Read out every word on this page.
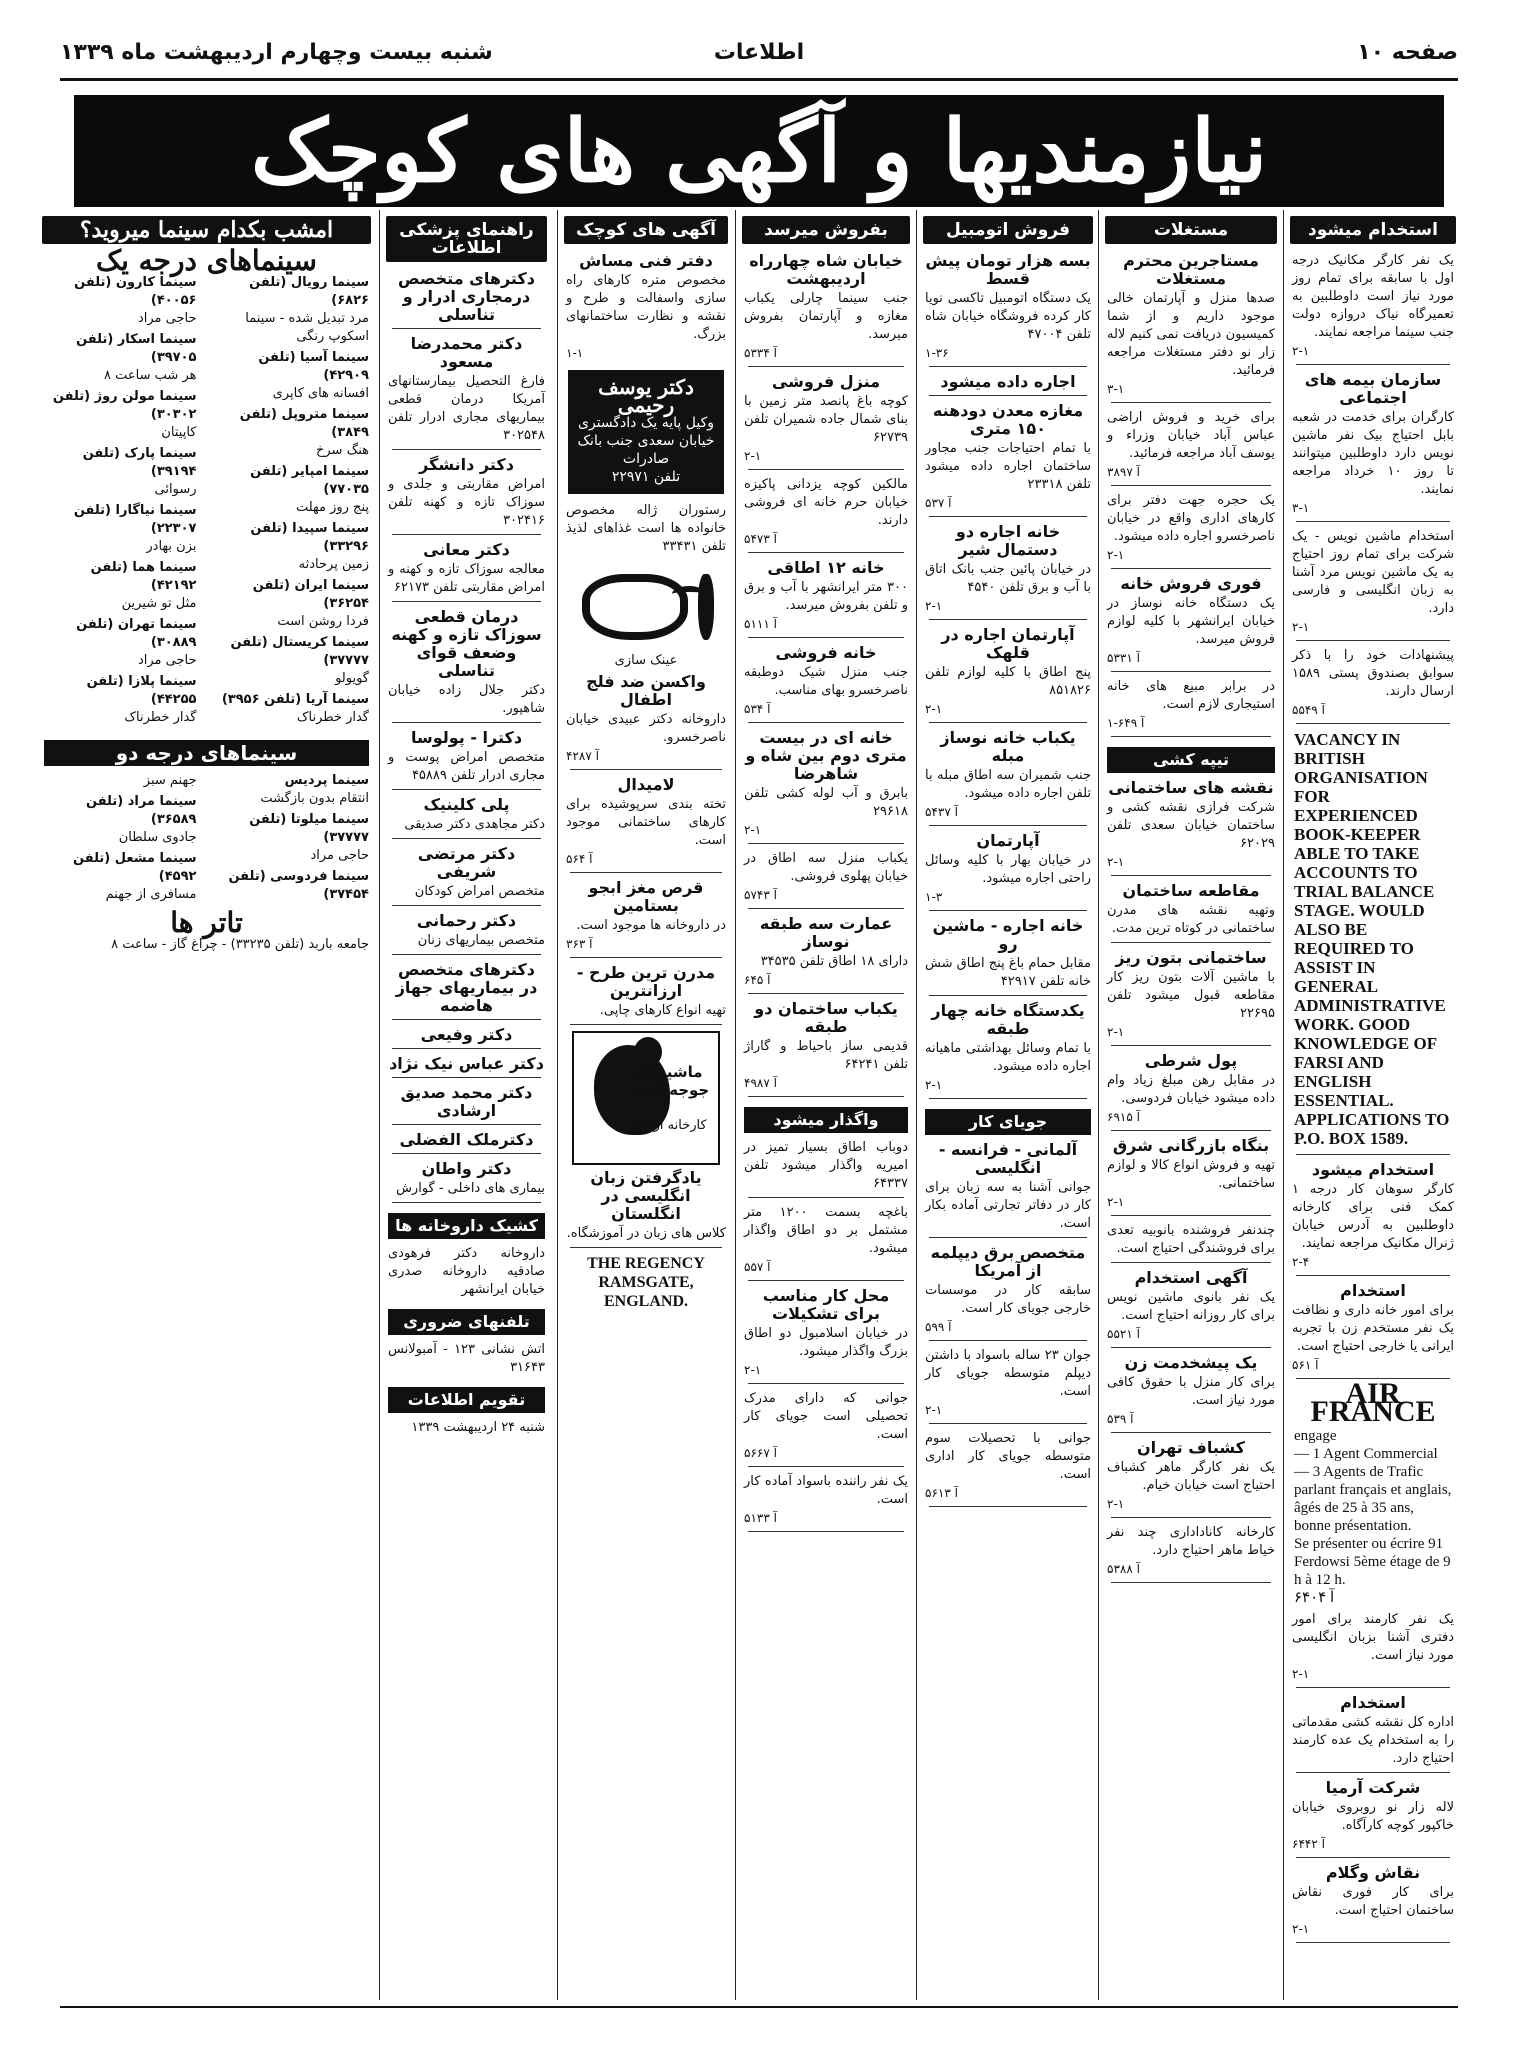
صفحه ۱۰
اطلاعات
شنبه بیست وچهارم اردیبهشت ماه ۱۳۳۹
نیازمندیها و آگهی های کوچک
استخدام میشود
یک نفر کارگر مکانیک درجه اول با سابقه برای تمام روز مورد نیاز است داوطلبین به تعمیرگاه نیاک دروازه دولت جنب سینما مراجعه نمایند.
۲-۱
سازمان بیمه های اجتماعی
کارگران برای خدمت در شعبه بابل احتیاج بیک نفر ماشین نویس دارد داوطلبین میتوانند تا روز ۱۰ خرداد مراجعه نمایند.
۳-۱
استخدام ماشین نویس - یک شرکت برای تمام روز احتیاج به یک ماشین نویس مرد آشنا به زبان انگلیسی و فارسی دارد.
۲-۱
پیشنهادات خود را با ذکر سوابق بصندوق پستی ۱۵۸۹ ارسال دارند.
آ ۵۵۴۹
VACANCY IN BRITISH ORGANISATION FOR EXPERIENCED BOOK-KEEPER ABLE TO TAKE ACCOUNTS TO TRIAL BALANCE STAGE. WOULD ALSO BE REQUIRED TO ASSIST IN GENERAL ADMINISTRATIVE WORK. GOOD KNOWLEDGE OF FARSI AND ENGLISH ESSENTIAL. APPLICATIONS TO P.O. BOX 1589.
استخدام میشود
کارگر سوهان کار درجه ۱ کمک فنی برای کارخانه داوطلبین به آدرس خیابان ژنرال مکانیک مراجعه نمایند.
۲-۴
استخدام
برای امور خانه داری و نظافت یک نفر مستخدم زن با تجربه ایرانی یا خارجی احتیاج است.
آ ۵۶۱
AIR FRANCE
engage
— 1 Agent Commercial
— 3 Agents de Trafic
parlant français et anglais, âgés de 25 à 35 ans, bonne présentation.
Se présenter ou écrire 91 Ferdowsi 5ème étage de 9 h à 12 h.
آ ۶۴۰۴
یک نفر کارمند برای امور دفتری آشنا بزبان انگلیسی مورد نیاز است.
۲-۱
استخدام
اداره کل نقشه کشی مقدماتی را به استخدام یک عده کارمند احتیاج دارد.
شرکت آرمیا
لاله زار نو روبروی خیابان خاکپور کوچه کارآگاه.
آ ۶۴۴۲
نقاش وگلام
برای کار فوری نقاش ساختمان احتیاج است.
۲-۱
مستغلات
مستاجرین محترم مستغلات
صدها منزل و آپارتمان خالی موجود داریم و از شما کمیسیون دریافت نمی کنیم لاله زار نو دفتر مستغلات مراجعه فرمائید.
۳-۱
برای خرید و فروش اراضی عباس آباد خیابان وزراء و یوسف آباد مراجعه فرمائید.
آ ۳۸۹۷
یک حجره جهت دفتر برای کارهای اداری واقع در خیابان ناصرخسرو اجاره داده میشود.
۲-۱
فوری فروش خانه
یک دستگاه خانه نوساز در خیابان ایرانشهر با کلیه لوازم فروش میرسد.
آ ۵۳۳۱
در برابر مبیع های خانه استیجاری لازم است.
آ ۶۴۹-۱
تیپه کشی
نقشه های ساختمانی
شرکت فرازی نقشه کشی و ساختمان خیابان سعدی تلفن ۶۲۰۲۹
۲-۱
مقاطعه ساختمان
وتهیه نقشه های مدرن ساختمانی در کوتاه ترین مدت.
ساختمانی بتون ریز
با ماشین آلات بتون ریز کار مقاطعه قبول میشود تلفن ۲۲۶۹۵
۲-۱
پول شرطی
در مقابل رهن مبلغ زیاد وام داده میشود خیابان فردوسی.
آ ۶۹۱۵
بنگاه بازرگانی شرق
تهیه و فروش انواع کالا و لوازم ساختمانی.
۲-۱
چندنفر فروشنده بانوبیه تعدی برای فروشندگی احتیاج است.
آگهی استخدام
یک نفر بانوی ماشین نویس برای کار روزانه احتیاج است.
آ ۵۵۲۱
یک پیشخدمت زن
برای کار منزل با حقوق کافی مورد نیاز است.
آ ۵۳۹
کشباف تهران
یک نفر کارگر ماهر کشباف احتیاج است خیابان خیام.
۲-۱
کارخانه کاناداداری چند نفر خیاط ماهر احتیاج دارد.
آ ۵۳۸۸
فروش اتومبیل
بسه هزار تومان پیش قسط
یک دستگاه اتومبیل تاکسی نویا کار کرده فروشگاه خیابان شاه تلفن ۴۷۰۰۴
۱-۳۶
اجاره داده میشود
مغازه معدن دودهنه ۱۵۰ متری
با تمام احتیاجات جنب مجاور ساختمان اجاره داده میشود تلفن ۲۳۳۱۸
آ ۵۳۷
خانه اجاره دو دستمال شیر
در خیابان پائین جنب بانک اتاق با آب و برق تلفن ۴۵۴۰
۲-۱
آپارتمان اجاره در قلهک
پنج اطاق با کلیه لوازم تلفن ۸۵۱۸۲۶
۲-۱
یکباب خانه نوساز مبله
جنب شمیران سه اطاق مبله با تلفن اجاره داده میشود.
آ ۵۴۳۷
آپارتمان
در خیابان بهار با کلیه وسائل راحتی اجاره میشود.
۱-۳
خانه اجاره - ماشین رو
مقابل حمام باغ پنج اطاق شش خانه تلفن ۴۲۹۱۷
یکدستگاه خانه چهار طبقه
با تمام وسائل بهداشتی ماهیانه اجاره داده میشود.
۲-۱
جویای کار
آلمانی - فرانسه - انگلیسی
جوانی آشنا به سه زبان برای کار در دفاتر تجارتی آماده بکار است.
متخصص برق دیپلمه از آمریکا
سابقه کار در موسسات خارجی جویای کار است.
آ ۵۹۹
جوان ۲۳ ساله باسواد با داشتن دیپلم متوسطه جویای کار است.
۲-۱
جوانی با تحصیلات سوم متوسطه جویای کار اداری است.
آ ۵۶۱۳
بفروش میرسد
خیابان شاه چهارراه اردیبهشت
جنب سینما چارلی یکباب مغازه و آپارتمان بفروش میرسد.
آ ۵۳۳۴
منزل فروشی
کوچه باغ پانصد متر زمین با بنای شمال جاده شمیران تلفن ۶۲۷۳۹
۲-۱
مالکین کوچه یزدانی پاکیزه خیابان حرم خانه ای فروشی دارند.
آ ۵۴۷۳
خانه ۱۲ اطاقی
۳۰۰ متر ایرانشهر با آب و برق و تلفن بفروش میرسد.
آ ۵۱۱۱
خانه فروشی
جنب منزل شیک دوطبقه ناصرخسرو بهای مناسب.
آ ۵۳۴
خانه ای در بیست متری دوم بین شاه و شاهرضا
بابرق و آب لوله کشی تلفن ۲۹۶۱۸
۲-۱
یکباب منزل سه اطاق در خیابان پهلوی فروشی.
آ ۵۷۴۳
عمارت سه طبقه نوساز
دارای ۱۸ اطاق تلفن ۳۴۵۳۵
آ ۶۴۵
یکباب ساختمان دو طبقه
قدیمی ساز باحیاط و گاراژ تلفن ۶۴۲۴۱
آ ۴۹۸۷
واگذار میشود
دوباب اطاق بسیار تمیز در امیریه واگذار میشود تلفن ۶۴۳۳۷
باغچه بسمت ۱۲۰۰ متر مشتمل بر دو اطاق واگذار میشود.
آ ۵۵۷
محل کار مناسب برای تشکیلات
در خیابان اسلامبول دو اطاق بزرگ واگذار میشود.
۲-۱
جوانی که دارای مدرک تحصیلی است جویای کار است.
آ ۵۶۶۷
یک نفر راننده باسواد آماده کار است.
آ ۵۱۳۳
آگهی های کوچک
دفتر فنی مساش
مخصوص متره کارهای راه سازی واسفالت و طرح و نقشه و نظارت ساختمانهای بزرگ.
۱-۱
دکتر یوسف رحیمی
وکیل پایه یک دادگستری
خیابان سعدی جنب بانک صادرات
تلفن ۲۲۹۷۱
رستوران ژاله مخصوص خانواده ها است غذاهای لذیذ تلفن ۳۳۴۳۱
عینک سازی
واکسن ضد فلج اطفال
داروخانه دکتر عبیدی خیابان ناصرخسرو.
آ ۴۲۸۷
لامیدال
تخته بندی سرپوشیده برای کارهای ساختمانی موجود است.
آ ۵۶۴
قرص مغز ابجو بستامین
در داروخانه ها موجود است.
آ ۳۶۳
مدرن ترین طرح - ارزانترین
تهیه انواع کارهای چاپی.
ماشینهای جوجه کشی
کارخانه ارجمند
یادگرفتن زبان انگلیسی در انگلستان
کلاس های زبان در آموزشگاه.
THE REGENCY RAMSGATE, ENGLAND.
راهنمای پزشکی اطلاعات
دکترهای متخصص درمجاری ادرار و تناسلی
دکتر محمدرضا مسعود
فارغ التحصیل بیمارستانهای آمریکا درمان قطعی بیماریهای مجاری ادرار تلفن ۳۰۲۵۴۸
دکتر دانشگر
امراض مقاربتی و جلدی و سوزاک تازه و کهنه تلفن ۳۰۲۴۱۶
دکتر معانی
معالجه سوزاک تازه و کهنه و امراض مقاربتی تلفن ۶۲۱۷۳
درمان قطعی سوزاک تازه و کهنه وضعف قوای تناسلی
دکتر جلال زاده خیابان شاهپور.
دکترا - پولوسا
متخصص امراض پوست و مجاری ادرار تلفن ۴۵۸۸۹
پلی کلینیک
دکتر مجاهدی دکتر صدیقی
دکتر مرتضی شریفی
متخصص امراض کودکان
دکتر رحمانی
متخصص بیماریهای زنان
دکترهای متخصص در بیماریهای جهاز هاضمه
دکتر وفیعی
دکتر عباس نیک نژاد
دکتر محمد صدیق ارشادی
دکترملک الفضلی
دکتر واطان
بیماری های داخلی - گوارش
کشیک داروخانه ها
داروخانه دکتر فرهودی صادقیه داروخانه صدری خیابان ایرانشهر
تلفنهای ضروری
اتش نشانی ۱۲۳ - آمبولانس ۳۱۶۴۳
تقویم اطلاعات
شنبه ۲۴ اردیبهشت ۱۳۳۹
امشب بکدام سینما میروید؟
سینماهای درجه یک
سینما رویال (تلفن ۶۸۲۶)
مرد تبدیل شده - سینما اسکوپ رنگی
سینما آسیا (تلفن ۴۲۹۰۹)
افسانه های کاپری
سینما متروپل (تلفن ۳۸۴۹)
هنگ سرخ
سینما امپایر (تلفن ۷۷۰۳۵)
پنج روز مهلت
سینما سپیدا (تلفن ۳۳۲۹۶)
زمین پرحادثه
سینما ایران (تلفن ۳۶۲۵۴)
فردا روشن است
سینما کریستال (تلفن ۳۷۷۷۷)
گویولو
سینما آریا (تلفن ۳۹۵۶)
گدار خطرناک
سینما کارون (تلفن ۴۰۰۵۶)
حاجی مراد
سینما اسکار (تلفن ۳۹۷۰۵)
هر شب ساعت ۸
سینما مولن روژ (تلفن ۳۰۳۰۲)
کاپیتان
سینما پارک (تلفن ۳۹۱۹۴)
رسوائی
سینما نیاگارا (تلفن ۲۲۳۰۷)
بزن بهادر
سینما هما (تلفن ۴۲۱۹۲)
مثل تو شیرین
سینما تهران (تلفن ۳۰۸۸۹)
حاجی مراد
سینما پلازا (تلفن ۴۴۲۵۵)
گدار خطرناک
سینماهای درجه دو
سینما پردیس
انتقام بدون بازگشت
سینما میلوتا (تلفن ۳۷۷۷۷)
حاجی مراد
سینما فردوسی (تلفن ۳۷۴۵۴)
جهنم سبز
سینما مراد (تلفن ۳۶۵۸۹)
جادوی سلطان
سینما مشعل (تلفن ۴۵۹۲)
مسافری از جهنم
تاتر ها
جامعه باربد (تلفن ۳۳۲۳۵) - چراغ گاز - ساعت ۸
